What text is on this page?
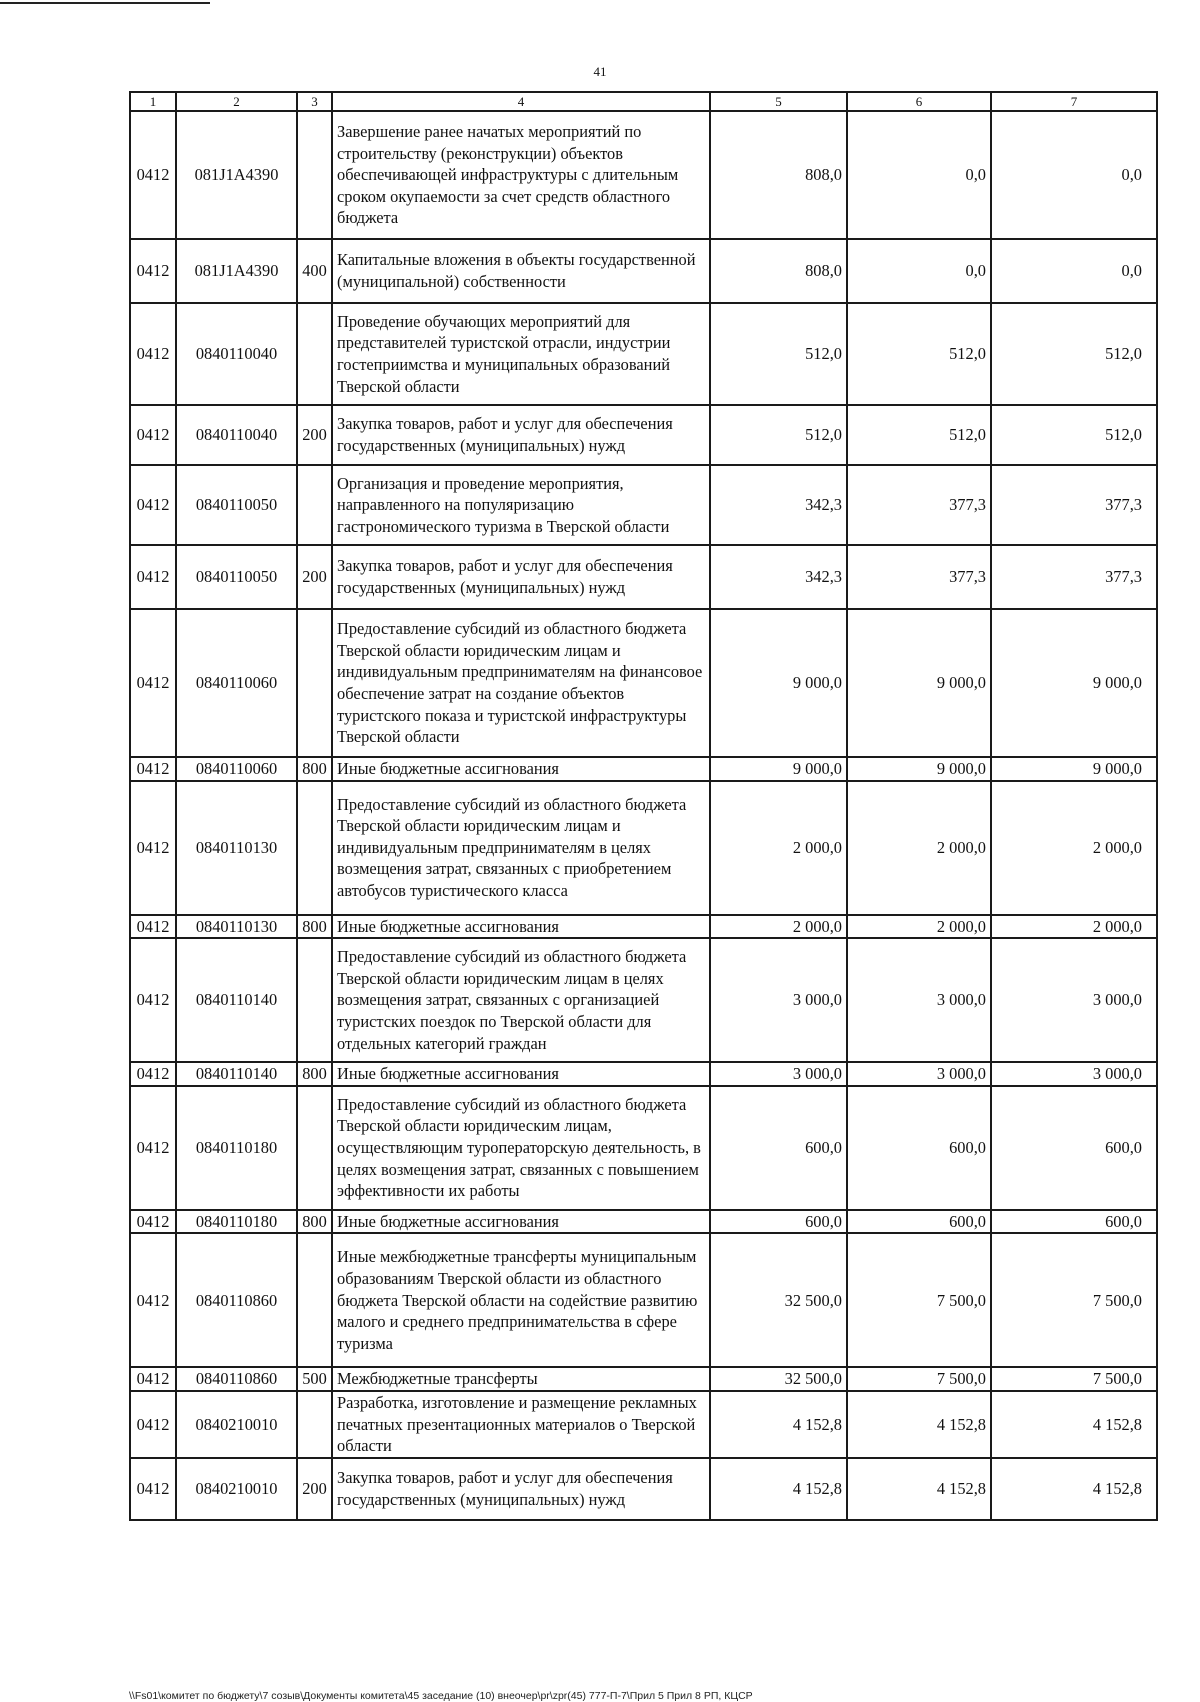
41
1	2	3	4	5	6	7
0412	081J1A4390		Завершение ранее начатых мероприятий по строительству (реконструкции) объектов обеспечивающей инфраструктуры с длительным сроком окупаемости за счет средств областного бюджета	808,0	0,0	0,0
0412	081J1A4390	400	Капитальные вложения в объекты государственной (муниципальной) собственности	808,0	0,0	0,0
0412	0840110040		Проведение обучающих мероприятий для представителей туристской отрасли, индустрии гостеприимства и муниципальных образований Тверской области	512,0	512,0	512,0
0412	0840110040	200	Закупка товаров, работ и услуг для обеспечения государственных (муниципальных) нужд	512,0	512,0	512,0
0412	0840110050		Организация и проведение мероприятия, направленного на популяризацию гастрономического туризма в Тверской области	342,3	377,3	377,3
0412	0840110050	200	Закупка товаров, работ и услуг для обеспечения государственных (муниципальных) нужд	342,3	377,3	377,3
0412	0840110060		Предоставление субсидий из областного бюджета Тверской области юридическим лицам и индивидуальным предпринимателям на финансовое обеспечение затрат на создание объектов туристского показа и туристской инфраструктуры Тверской области	9 000,0	9 000,0	9 000,0
0412	0840110060	800	Иные бюджетные ассигнования	9 000,0	9 000,0	9 000,0
0412	0840110130		Предоставление субсидий из областного бюджета Тверской области юридическим лицам и индивидуальным предпринимателям в целях возмещения затрат, связанных с приобретением автобусов туристического класса	2 000,0	2 000,0	2 000,0
0412	0840110130	800	Иные бюджетные ассигнования	2 000,0	2 000,0	2 000,0
0412	0840110140		Предоставление субсидий из областного бюджета Тверской области юридическим лицам в целях возмещения затрат, связанных с организацией туристских поездок по Тверской области для отдельных категорий граждан	3 000,0	3 000,0	3 000,0
0412	0840110140	800	Иные бюджетные ассигнования	3 000,0	3 000,0	3 000,0
0412	0840110180		Предоставление субсидий из областного бюджета Тверской области юридическим лицам, осуществляющим туроператорскую деятельность, в целях возмещения затрат, связанных с повышением эффективности их работы	600,0	600,0	600,0
0412	0840110180	800	Иные бюджетные ассигнования	600,0	600,0	600,0
0412	0840110860		Иные межбюджетные трансферты муниципальным образованиям Тверской области из областного бюджета Тверской области на содействие развитию малого и среднего предпринимательства в сфере туризма	32 500,0	7 500,0	7 500,0
0412	0840110860	500	Межбюджетные трансферты	32 500,0	7 500,0	7 500,0
0412	0840210010		Разработка, изготовление и размещение рекламных печатных презентационных материалов о Тверской области	4 152,8	4 152,8	4 152,8
0412	0840210010	200	Закупка товаров, работ и услуг для обеспечения государственных (муниципальных) нужд	4 152,8	4 152,8	4 152,8
\\Fs01\комитет по бюджету\7 созыв\Документы комитета\45 заседание (10) внеочер\pr\zpr(45) 777-П-7\Прил 5 Прил 8 РП, КЦСР
